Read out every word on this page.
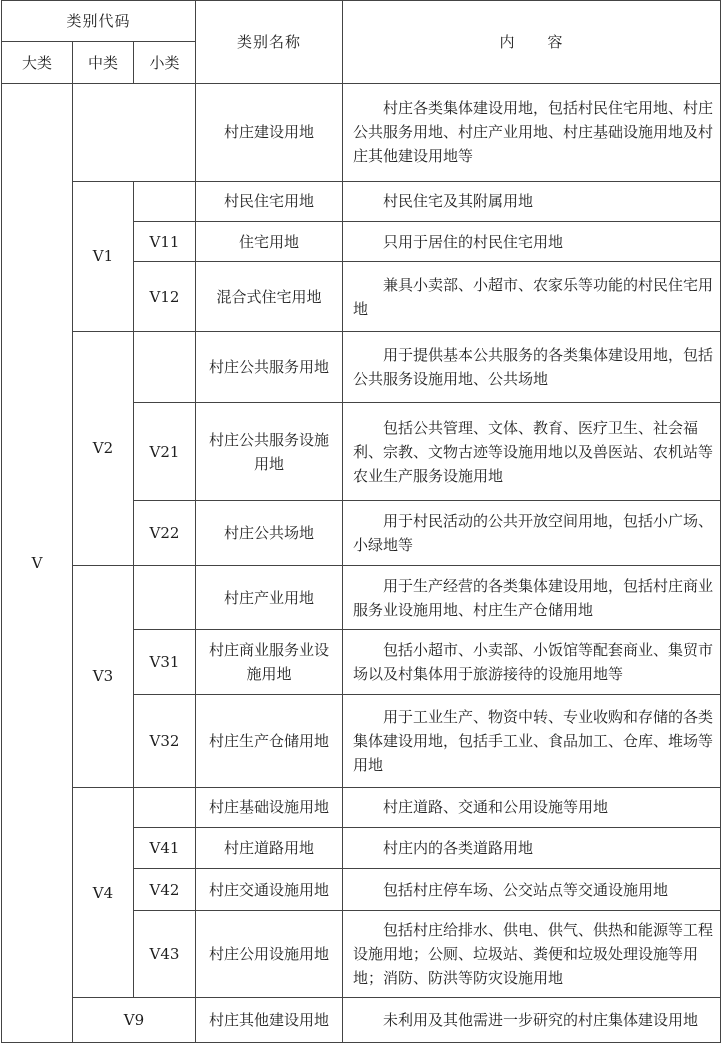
类别代码			类别名称	内　　容
大类	中类	小类		
V			村庄建设用地	村庄各类集体建设用地，包括村民住宅用地、村庄公共服务用地、村庄产业用地、村庄基础设施用地及村庄其他建设用地等
	V1		村民住宅用地	村民住宅及其附属用地
		V11	住宅用地	只用于居住的村民住宅用地
		V12	混合式住宅用地	兼具小卖部、小超市、农家乐等功能的村民住宅用地
	V2		村庄公共服务用地	用于提供基本公共服务的各类集体建设用地，包括公共服务设施用地、公共场地
		V21	村庄公共服务设施用地	包括公共管理、文体、教育、医疗卫生、社会福利、宗教、文物古迹等设施用地以及兽医站、农机站等农业生产服务设施用地
		V22	村庄公共场地	用于村民活动的公共开放空间用地，包括小广场、小绿地等
	V3		村庄产业用地	用于生产经营的各类集体建设用地，包括村庄商业服务业设施用地、村庄生产仓储用地
		V31	村庄商业服务业设施用地	包括小超市、小卖部、小饭馆等配套商业、集贸市场以及村集体用于旅游接待的设施用地等
		V32	村庄生产仓储用地	用于工业生产、物资中转、专业收购和存储的各类集体建设用地，包括手工业、食品加工、仓库、堆场等用地
	V4		村庄基础设施用地	村庄道路、交通和公用设施等用地
		V41	村庄道路用地	村庄内的各类道路用地
		V42	村庄交通设施用地	包括村庄停车场、公交站点等交通设施用地
		V43	村庄公用设施用地	包括村庄给排水、供电、供气、供热和能源等工程设施用地；公厕、垃圾站、粪便和垃圾处理设施等用地；消防、防洪等防灾设施用地
	V9		村庄其他建设用地	未利用及其他需进一步研究的村庄集体建设用地
